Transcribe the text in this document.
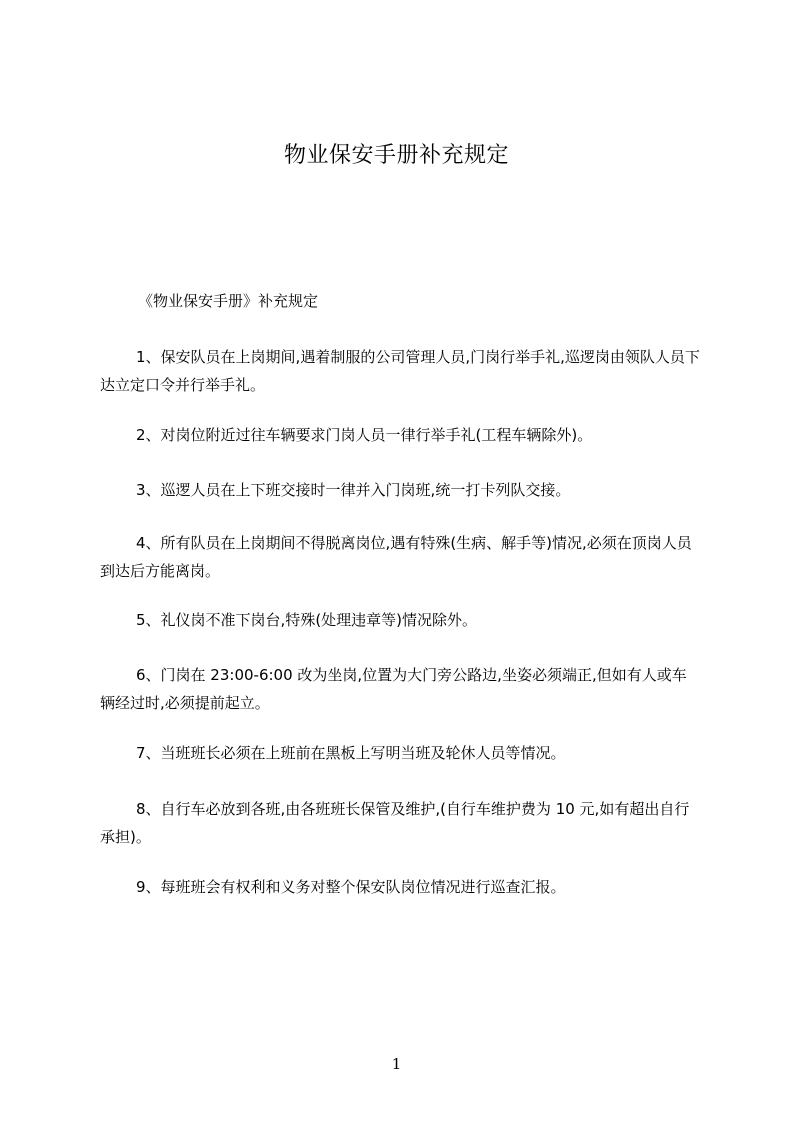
物业保安手册补充规定
《物业保安手册》补充规定

1、保安队员在上岗期间,遇着制服的公司管理人员,门岗行举手礼,巡逻岗由领队人员下达立定口令并行举手礼。

2、对岗位附近过往车辆要求门岗人员一律行举手礼(工程车辆除外)。

3、巡逻人员在上下班交接时一律并入门岗班,统一打卡列队交接。

4、所有队员在上岗期间不得脱离岗位,遇有特殊(生病、解手等)情况,必须在顶岗人员到达后方能离岗。

5、礼仪岗不准下岗台,特殊(处理违章等)情况除外。

6、门岗在 23:00-6:00 改为坐岗,位置为大门旁公路边,坐姿必须端正,但如有人或车辆经过时,必须提前起立。

7、当班班长必须在上班前在黑板上写明当班及轮休人员等情况。

8、自行车必放到各班,由各班班长保管及维护,(自行车维护费为 10 元,如有超出自行承担)。

9、每班班会有权利和义务对整个保安队岗位情况进行巡查汇报。

1
